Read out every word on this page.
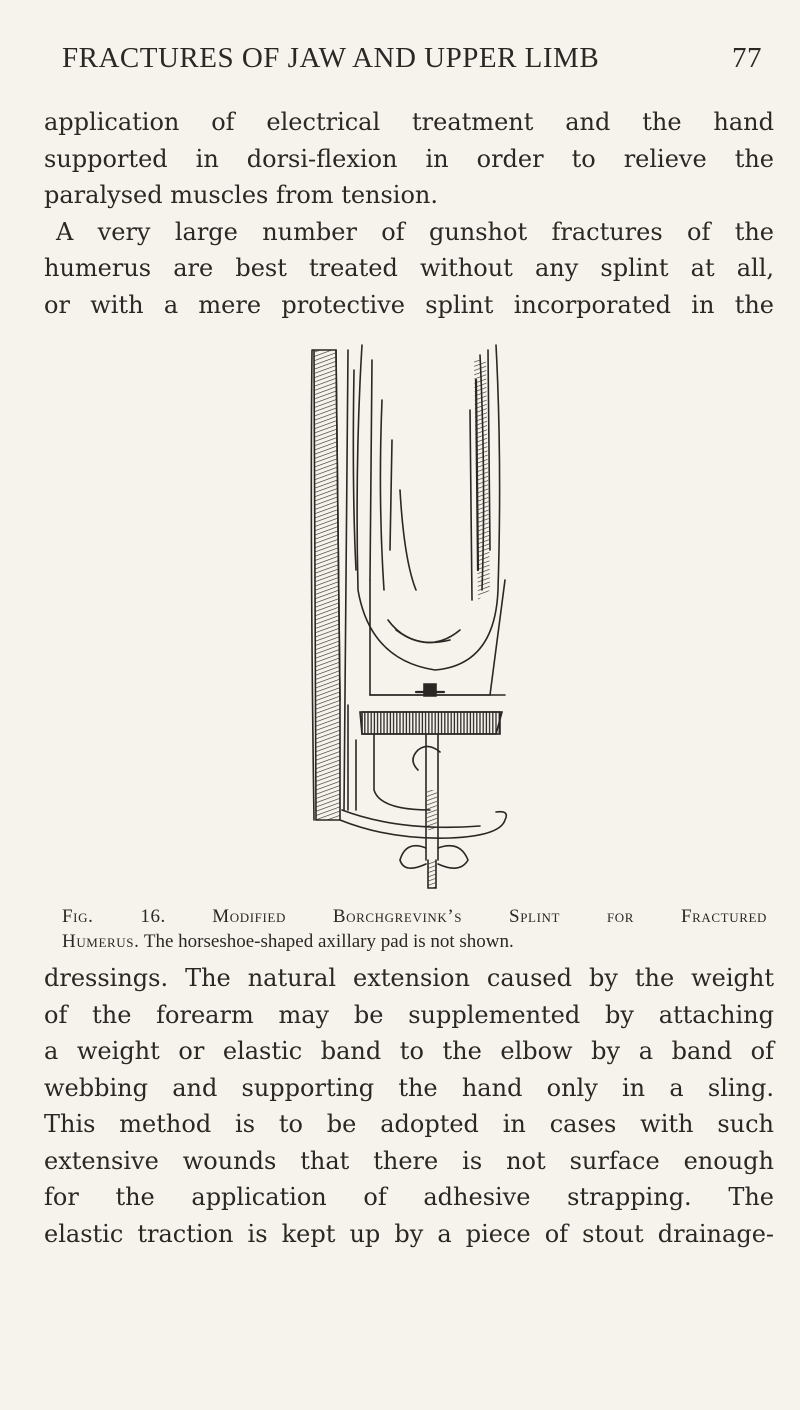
FRACTURES OF JAW AND UPPER LIMB	77
application of electrical treatment and the hand
supported in dorsi-flexion in order to relieve the
paralysed muscles from tension.
A very large number of gunshot fractures of the
humerus are best treated without any splint at all,
or with a mere protective splint incorporated in the
Fig. 16. Modified Borchgrevink’s Splint for Fractured
Humerus. The horseshoe-shaped axillary pad is not shown.
dressings. The natural extension caused by the weight
of the forearm may be supplemented by attaching
a weight or elastic band to the elbow by a band of
webbing and supporting the hand only in a sling.
This method is to be adopted in cases with such
extensive wounds that there is not surface enough
for the application of adhesive strapping. The
elastic traction is kept up by a piece of stout drainage-
